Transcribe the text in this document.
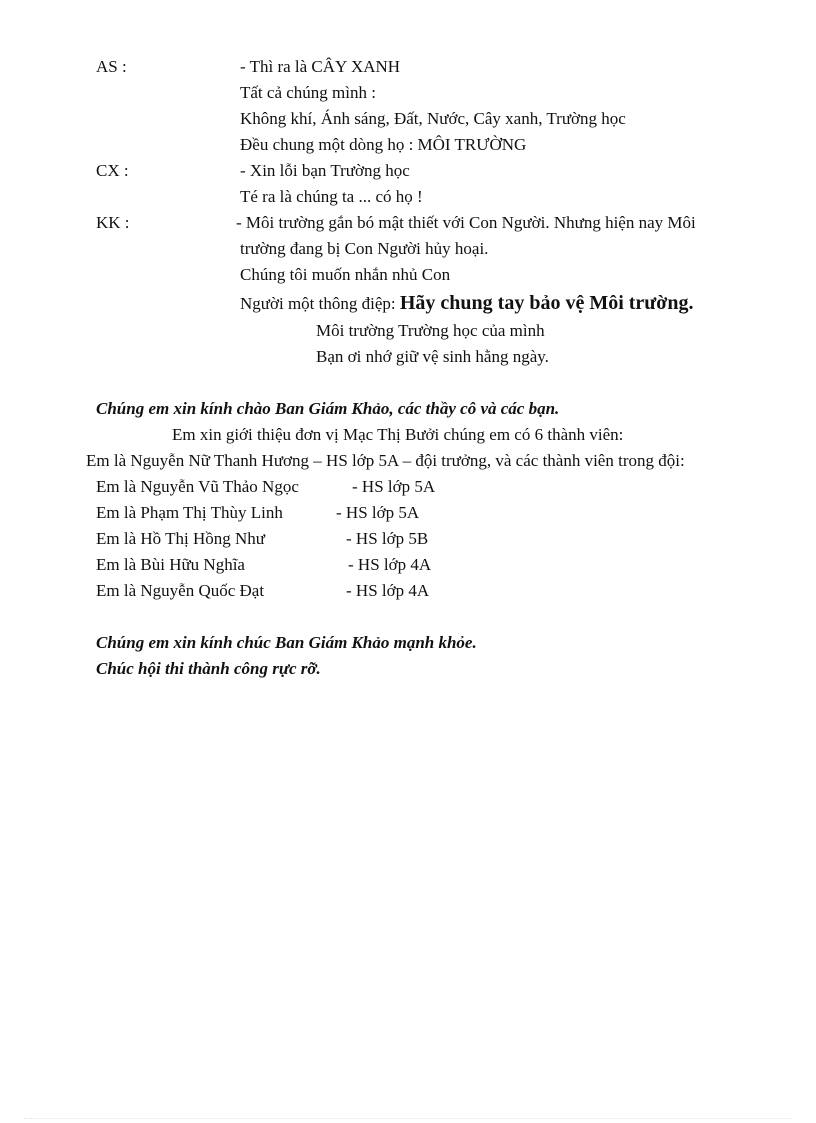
AS :	- Thì ra là CÂY XANH
Tất cả chúng mình :
Không khí, Ánh sáng, Đất, Nước, Cây xanh, Trường học
Đều chung một dòng họ : MÔI TRƯỜNG
CX :	- Xin lỗi bạn Trường học
Té ra là chúng ta ... có họ !
KK :	- Môi trường gắn bó mật thiết với Con Người. Nhưng hiện nay Môi
trường đang bị Con Người hủy hoại.
Chúng tôi muốn nhắn nhủ Con
Người một thông điệp: Hãy chung tay bảo vệ Môi trường.
Môi trường Trường học của mình
Bạn ơi nhớ giữ vệ sinh hằng ngày.
Chúng em xin kính chào Ban Giám Khảo, các thầy cô và các bạn.
Em xin giới thiệu đơn vị Mạc Thị Bưởi chúng em có 6 thành viên:
Em là Nguyễn Nữ Thanh Hương – HS lớp 5A – đội trưởng, và các thành viên trong đội:
Em là Nguyễn Vũ Thảo Ngọc	- HS lớp 5A
Em là Phạm Thị Thùy Linh	- HS lớp 5A
Em là Hồ Thị Hồng Như	- HS lớp 5B
Em là Bùi Hữu Nghĩa	- HS lớp 4A
Em là Nguyễn Quốc Đạt	- HS lớp 4A
Chúng em xin kính chúc Ban Giám Khảo mạnh khỏe.
Chúc hội thi thành công rực rỡ.
